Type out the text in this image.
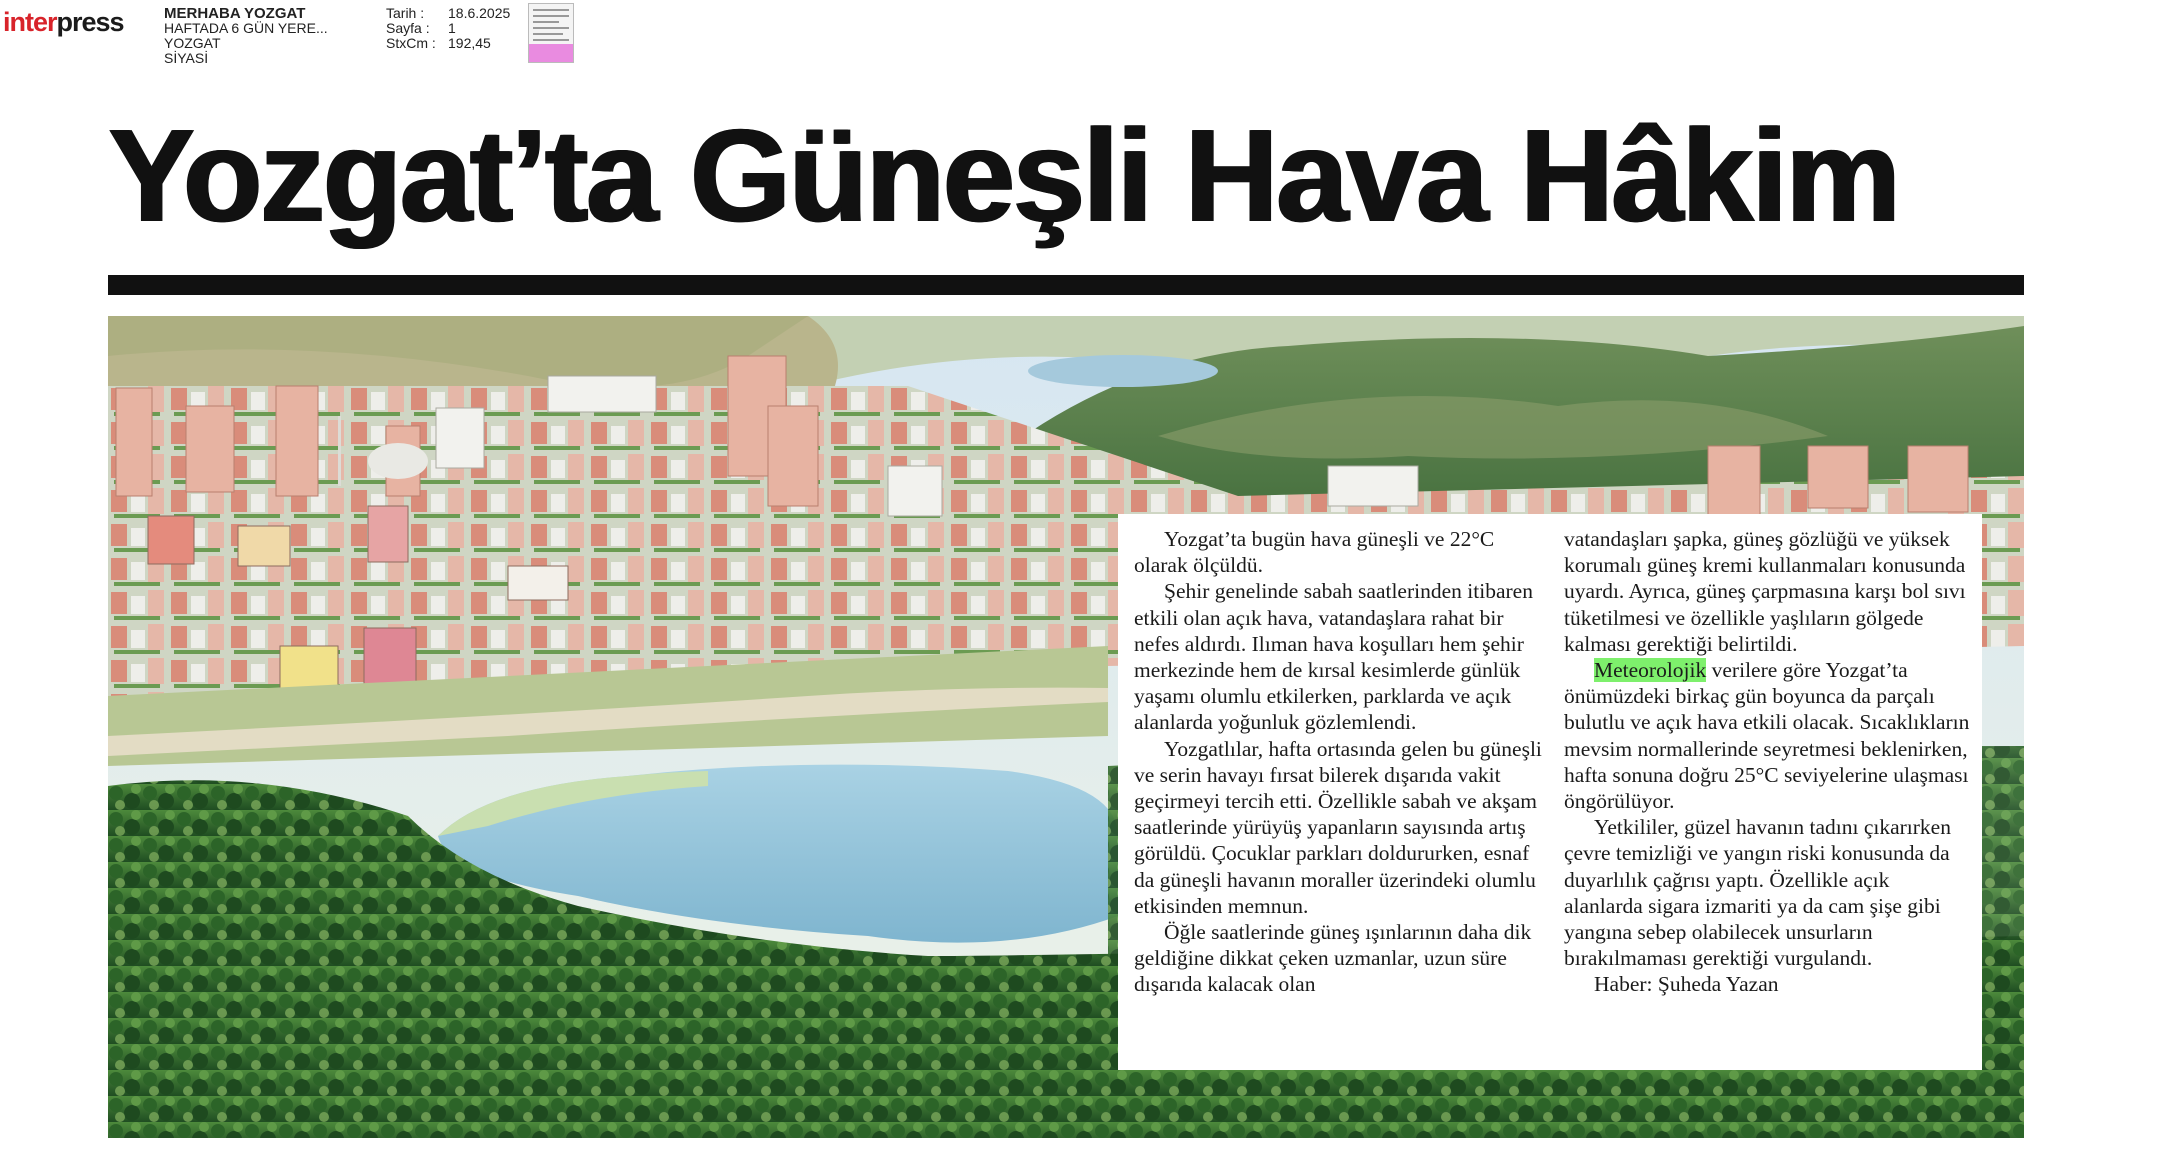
interpress	MERHABA YOZGAT
HAFTADA 6 GÜN YERE...
YOZGAT
SİYASİ
Tarih : 18.6.2025
Sayfa : 1
StxCm : 192,45
Yozgat’ta Güneşli Hava Hâkim

Yozgat’ta bugün hava güneşli ve 22°C olarak ölçüldü.

Şehir genelinde sabah saatlerinden itibaren etkili olan açık hava, vatandaşlara rahat bir nefes aldırdı. Ilıman hava koşulları hem şehir merkezinde hem de kırsal kesimlerde günlük yaşamı olumlu etkilerken, parklarda ve açık alanlarda yoğunluk gözlemlendi.

Yozgatlılar, hafta ortasında gelen bu güneşli ve serin havayı fırsat bilerek dışarıda vakit geçirmeyi tercih etti. Özellikle sabah ve akşam saatlerinde yürüyüş yapanların sayısında artış görüldü. Çocuklar parkları doldururken, esnaf da güneşli havanın moraller üzerindeki olumlu etkisinden memnun.

Öğle saatlerinde güneş ışınlarının daha dik geldiğine dikkat çeken uzmanlar, uzun süre dışarıda kalacak olan

vatandaşları şapka, güneş gözlüğü ve yüksek korumalı güneş kremi kullanmaları konusunda uyardı. Ayrıca, güneş çarpmasına karşı bol sıvı tüketilmesi ve özellikle yaşlıların gölgede kalması gerektiği belirtildi.

Meteorolojik verilere göre Yozgat’ta önümüzdeki birkaç gün boyunca da parçalı bulutlu ve açık hava etkili olacak. Sıcaklıkların mevsim normallerinde seyretmesi beklenirken, hafta sonuna doğru 25°C seviyelerine ulaşması öngörülüyor.

Yetkililer, güzel havanın tadını çıkarırken çevre temizliği ve yangın riski konusunda da duyarlılık çağrısı yaptı. Özellikle açık alanlarda sigara izmariti ya da cam şişe gibi yangına sebep olabilecek unsurların bırakılmaması gerektiği vurgulandı.

Haber: Şuheda Yazan
